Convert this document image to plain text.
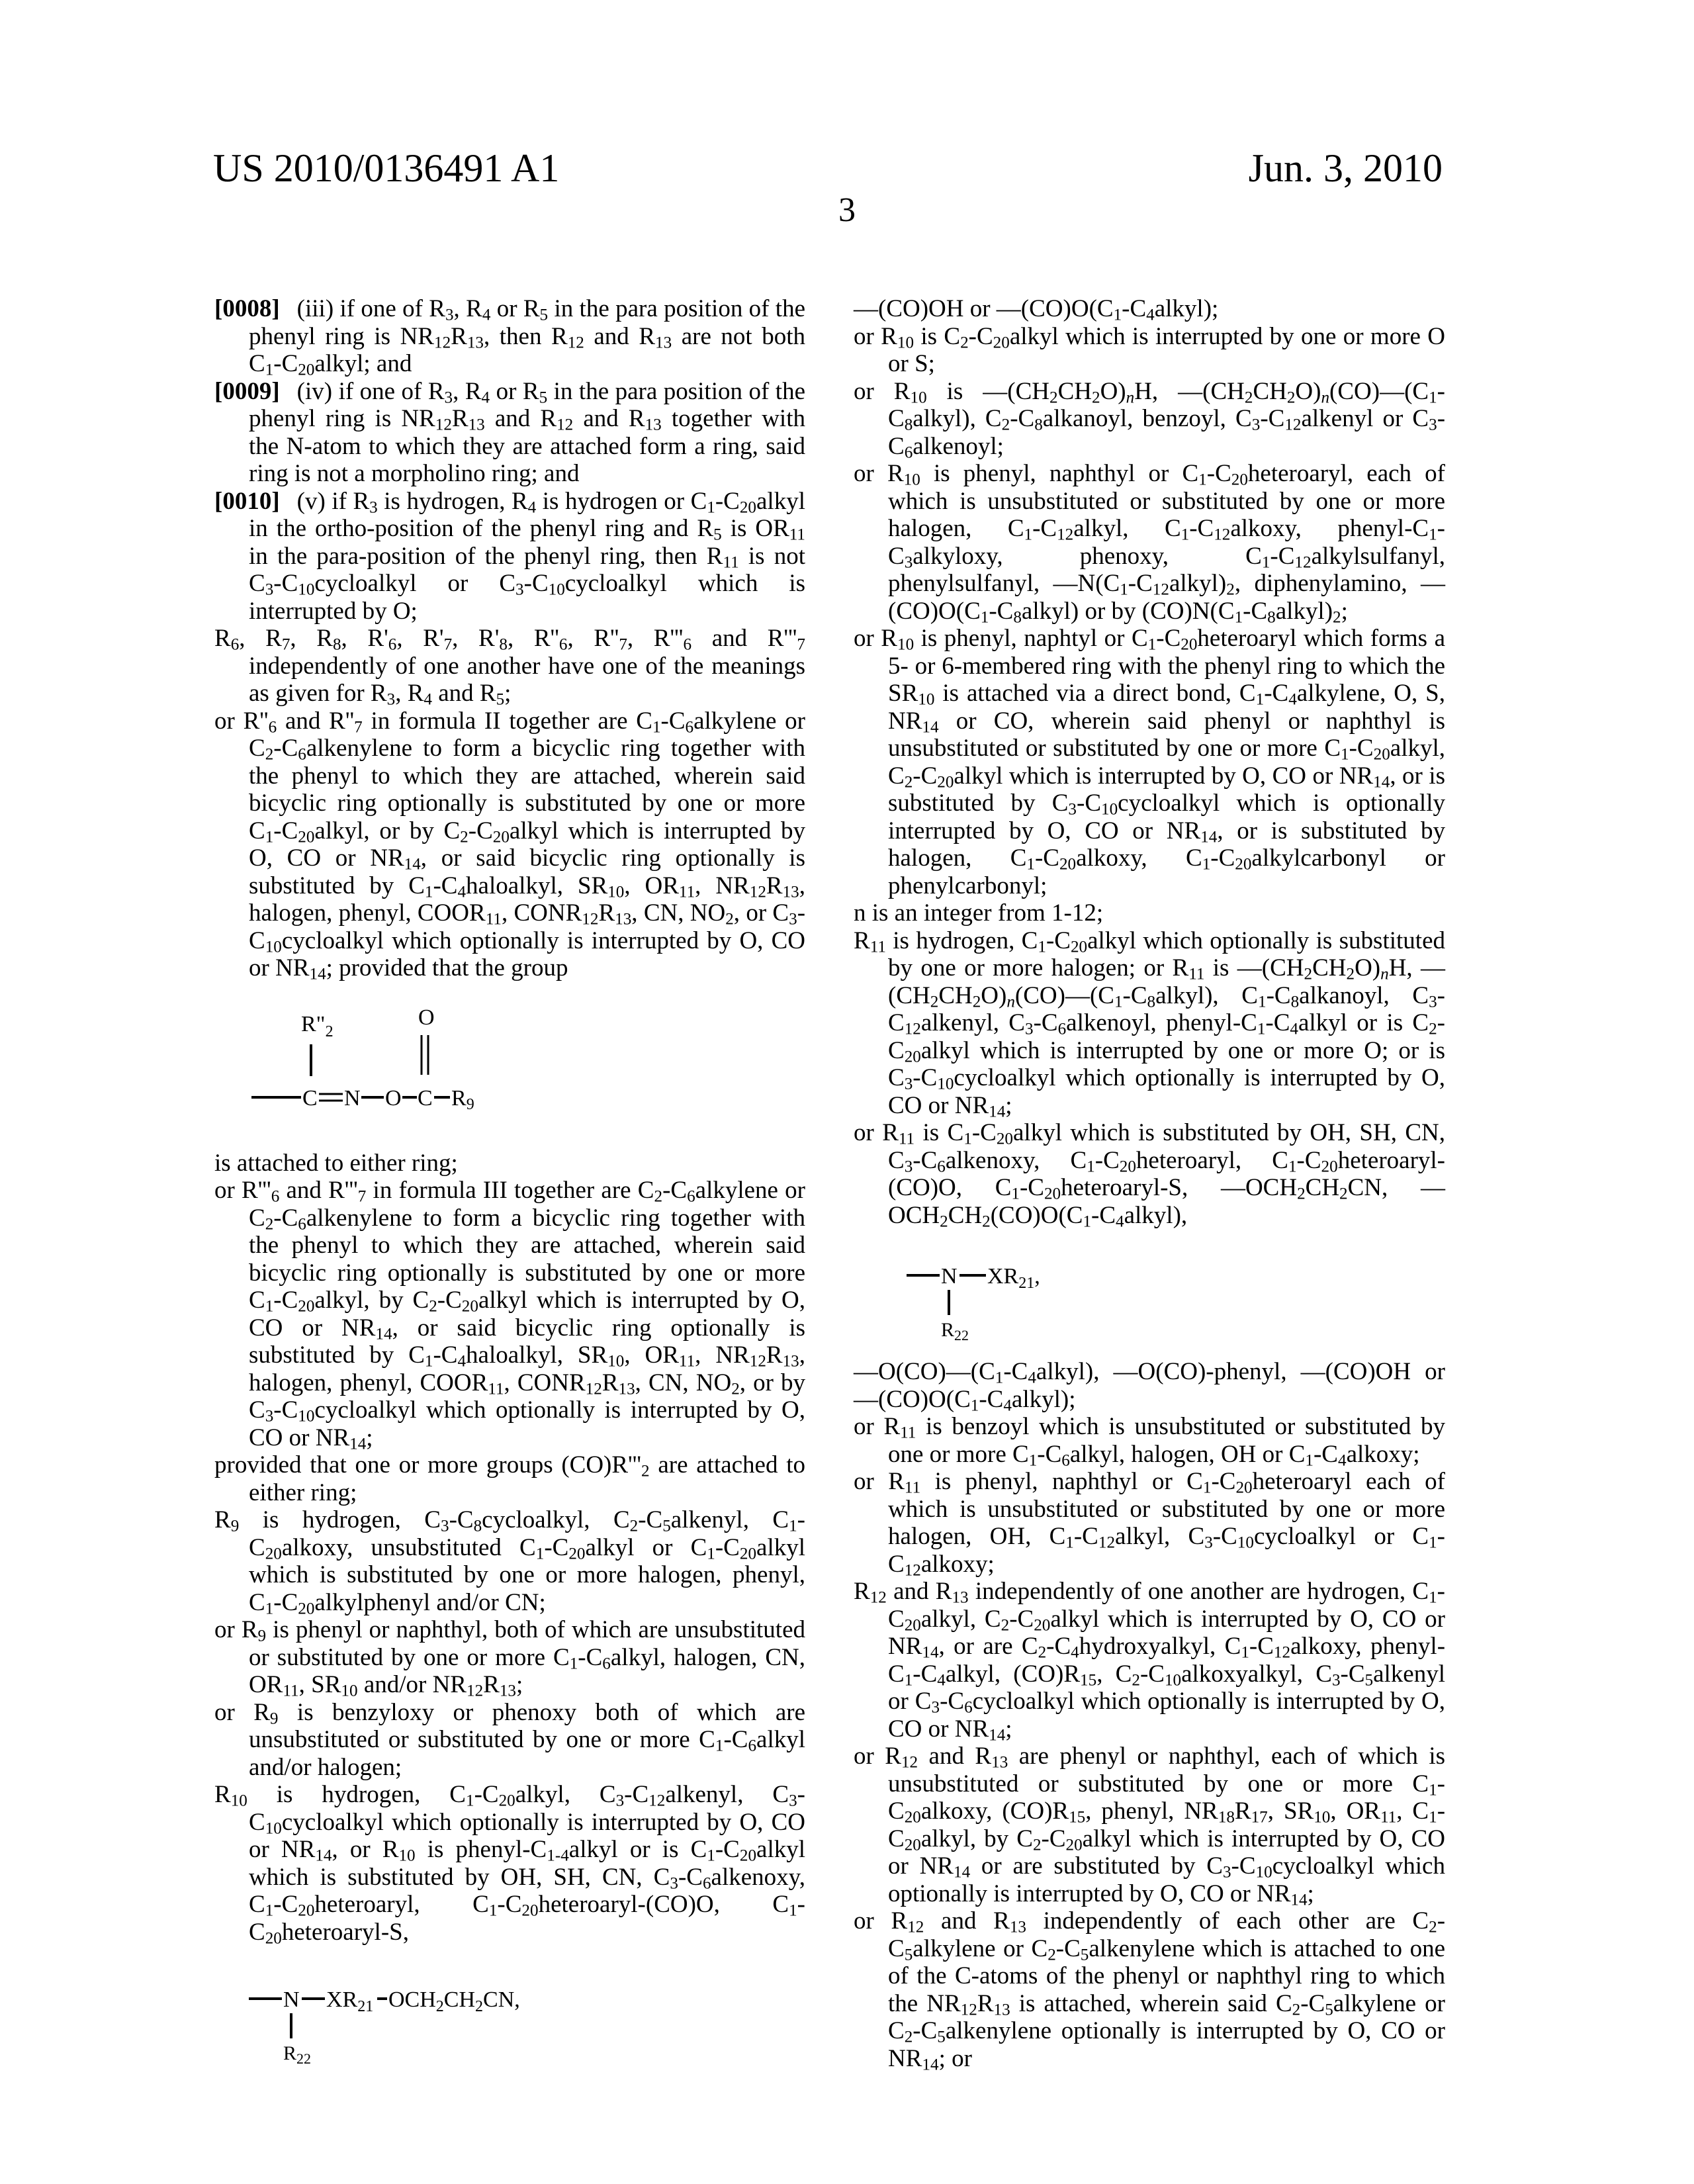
US 2010/0136491 A1	Jun. 3, 2010
3

[0008] (iii) if one of R3, R4 or R5 in the para position of the phenyl ring is NR12R13, then R12 and R13 are not both C1-C20alkyl; and

[0009] (iv) if one of R3, R4 or R5 in the para position of the phenyl ring is NR12R13 and R12 and R13 together with the N-atom to which they are attached form a ring, said ring is not a morpholino ring; and

[0010] (v) if R3 is hydrogen, R4 is hydrogen or C1-C20alkyl in the ortho-position of the phenyl ring and R5 is OR11 in the para-position of the phenyl ring, then R11 is not C3-C10cycloalkyl or C3-C10cycloalkyl which is interrupted by O;

R6, R7, R8, R'6, R'7, R'8, R''6, R''7, R'''6 and R'''7 independently of one another have one of the meanings as given for R3, R4 and R5;

or R''6 and R''7 in formula II together are C1-C6alkylene or C2-C6alkenylene to form a bicyclic ring together with the phenyl to which they are attached, wherein said bicyclic ring optionally is substituted by one or more C1-C20alkyl, or by C2-C20alkyl which is interrupted by O, CO or NR14, or said bicyclic ring optionally is substituted by C1-C4haloalkyl, SR10, OR11, NR12R13, halogen, phenyl, COOR11, CONR12R13, CN, NO2, or C3-C10cycloalkyl which optionally is interrupted by O, CO or NR14; provided that the group

R"2
O
C N O C R9

is attached to either ring;

or R'''6 and R'''7 in formula III together are C2-C6alkylene or C2-C6alkenylene to form a bicyclic ring together with the phenyl to which they are attached, wherein said bicyclic ring optionally is substituted by one or more C1-C20alkyl, by C2-C20alkyl which is interrupted by O, CO or NR14, or said bicyclic ring optionally is substituted by C1-C4haloalkyl, SR10, OR11, NR12R13, halogen, phenyl, COOR11, CONR12R13, CN, NO2, or by C3-C10cycloalkyl which optionally is interrupted by O, CO or NR14;

provided that one or more groups (CO)R'''2 are attached to either ring;

R9 is hydrogen, C3-C8cycloalkyl, C2-C5alkenyl, C1-C20alkoxy, unsubstituted C1-C20alkyl or C1-C20alkyl which is substituted by one or more halogen, phenyl, C1-C20alkylphenyl and/or CN;

or R9 is phenyl or naphthyl, both of which are unsubstituted or substituted by one or more C1-C6alkyl, halogen, CN, OR11, SR10 and/or NR12R13;

or R9 is benzyloxy or phenoxy both of which are unsubstituted or substituted by one or more C1-C6alkyl and/or halogen;

R10 is hydrogen, C1-C20alkyl, C3-C12alkenyl, C3-C10cycloalkyl which optionally is interrupted by O, CO or NR14, or R10 is phenyl-C1-4alkyl or is C1-C20alkyl which is substituted by OH, SH, CN, C3-C6alkenoxy, C1-C20heteroaryl, C1-C20heteroaryl-(CO)O, C1-C20heteroaryl-S,

N XR21 OCH2CH2CN,
R22

—(CO)OH or —(CO)O(C1-C4alkyl);

or R10 is C2-C20alkyl which is interrupted by one or more O or S;

or R10 is —(CH2CH2O)nH, —(CH2CH2O)n(CO)—(C1-C8alkyl), C2-C8alkanoyl, benzoyl, C3-C12alkenyl or C3-C6alkenoyl;

or R10 is phenyl, naphthyl or C1-C20heteroaryl, each of which is unsubstituted or substituted by one or more halogen, C1-C12alkyl, C1-C12alkoxy, phenyl-C1-C3alkyloxy, phenoxy, C1-C12alkylsulfanyl, phenylsulfanyl, —N(C1-C12alkyl)2, diphenylamino, —(CO)O(C1-C8alkyl) or by (CO)N(C1-C8alkyl)2;

or R10 is phenyl, naphtyl or C1-C20heteroaryl which forms a 5- or 6-membered ring with the phenyl ring to which the SR10 is attached via a direct bond, C1-C4alkylene, O, S, NR14 or CO, wherein said phenyl or naphthyl is unsubstituted or substituted by one or more C1-C20alkyl, C2-C20alkyl which is interrupted by O, CO or NR14, or is substituted by C3-C10cycloalkyl which is optionally interrupted by O, CO or NR14, or is substituted by halogen, C1-C20alkoxy, C1-C20alkylcarbonyl or phenylcarbonyl;

n is an integer from 1-12;

R11 is hydrogen, C1-C20alkyl which optionally is substituted by one or more halogen; or R11 is —(CH2CH2O)nH, —(CH2CH2O)n(CO)—(C1-C8alkyl), C1-C8alkanoyl, C3-C12alkenyl, C3-C6alkenoyl, phenyl-C1-C4alkyl or is C2-C20alkyl which is interrupted by one or more O; or is C3-C10cycloalkyl which optionally is interrupted by O, CO or NR14;

or R11 is C1-C20alkyl which is substituted by OH, SH, CN, C3-C6alkenoxy, C1-C20heteroaryl, C1-C20heteroaryl-(CO)O, C1-C20heteroaryl-S, —OCH2CH2CN, —OCH2CH2(CO)O(C1-C4alkyl),

N XR21,
R22

—O(CO)—(C1-C4alkyl), —O(CO)-phenyl, —(CO)OH or —(CO)O(C1-C4alkyl);

or R11 is benzoyl which is unsubstituted or substituted by one or more C1-C6alkyl, halogen, OH or C1-C4alkoxy;

or R11 is phenyl, naphthyl or C1-C20heteroaryl each of which is unsubstituted or substituted by one or more halogen, OH, C1-C12alkyl, C3-C10cycloalkyl or C1-C12alkoxy;

R12 and R13 independently of one another are hydrogen, C1-C20alkyl, C2-C20alkyl which is interrupted by O, CO or NR14, or are C2-C4hydroxyalkyl, C1-C12alkoxy, phenyl-C1-C4alkyl, (CO)R15, C2-C10alkoxyalkyl, C3-C5alkenyl or C3-C6cycloalkyl which optionally is interrupted by O, CO or NR14;

or R12 and R13 are phenyl or naphthyl, each of which is unsubstituted or substituted by one or more C1-C20alkoxy, (CO)R15, phenyl, NR18R17, SR10, OR11, C1-C20alkyl, by C2-C20alkyl which is interrupted by O, CO or NR14 or are substituted by C3-C10cycloalkyl which optionally is interrupted by O, CO or NR14;

or R12 and R13 independently of each other are C2-C5alkylene or C2-C5alkenylene which is attached to one of the C-atoms of the phenyl or naphthyl ring to which the NR12R13 is attached, wherein said C2-C5alkylene or C2-C5alkenylene optionally is interrupted by O, CO or NR14; or
